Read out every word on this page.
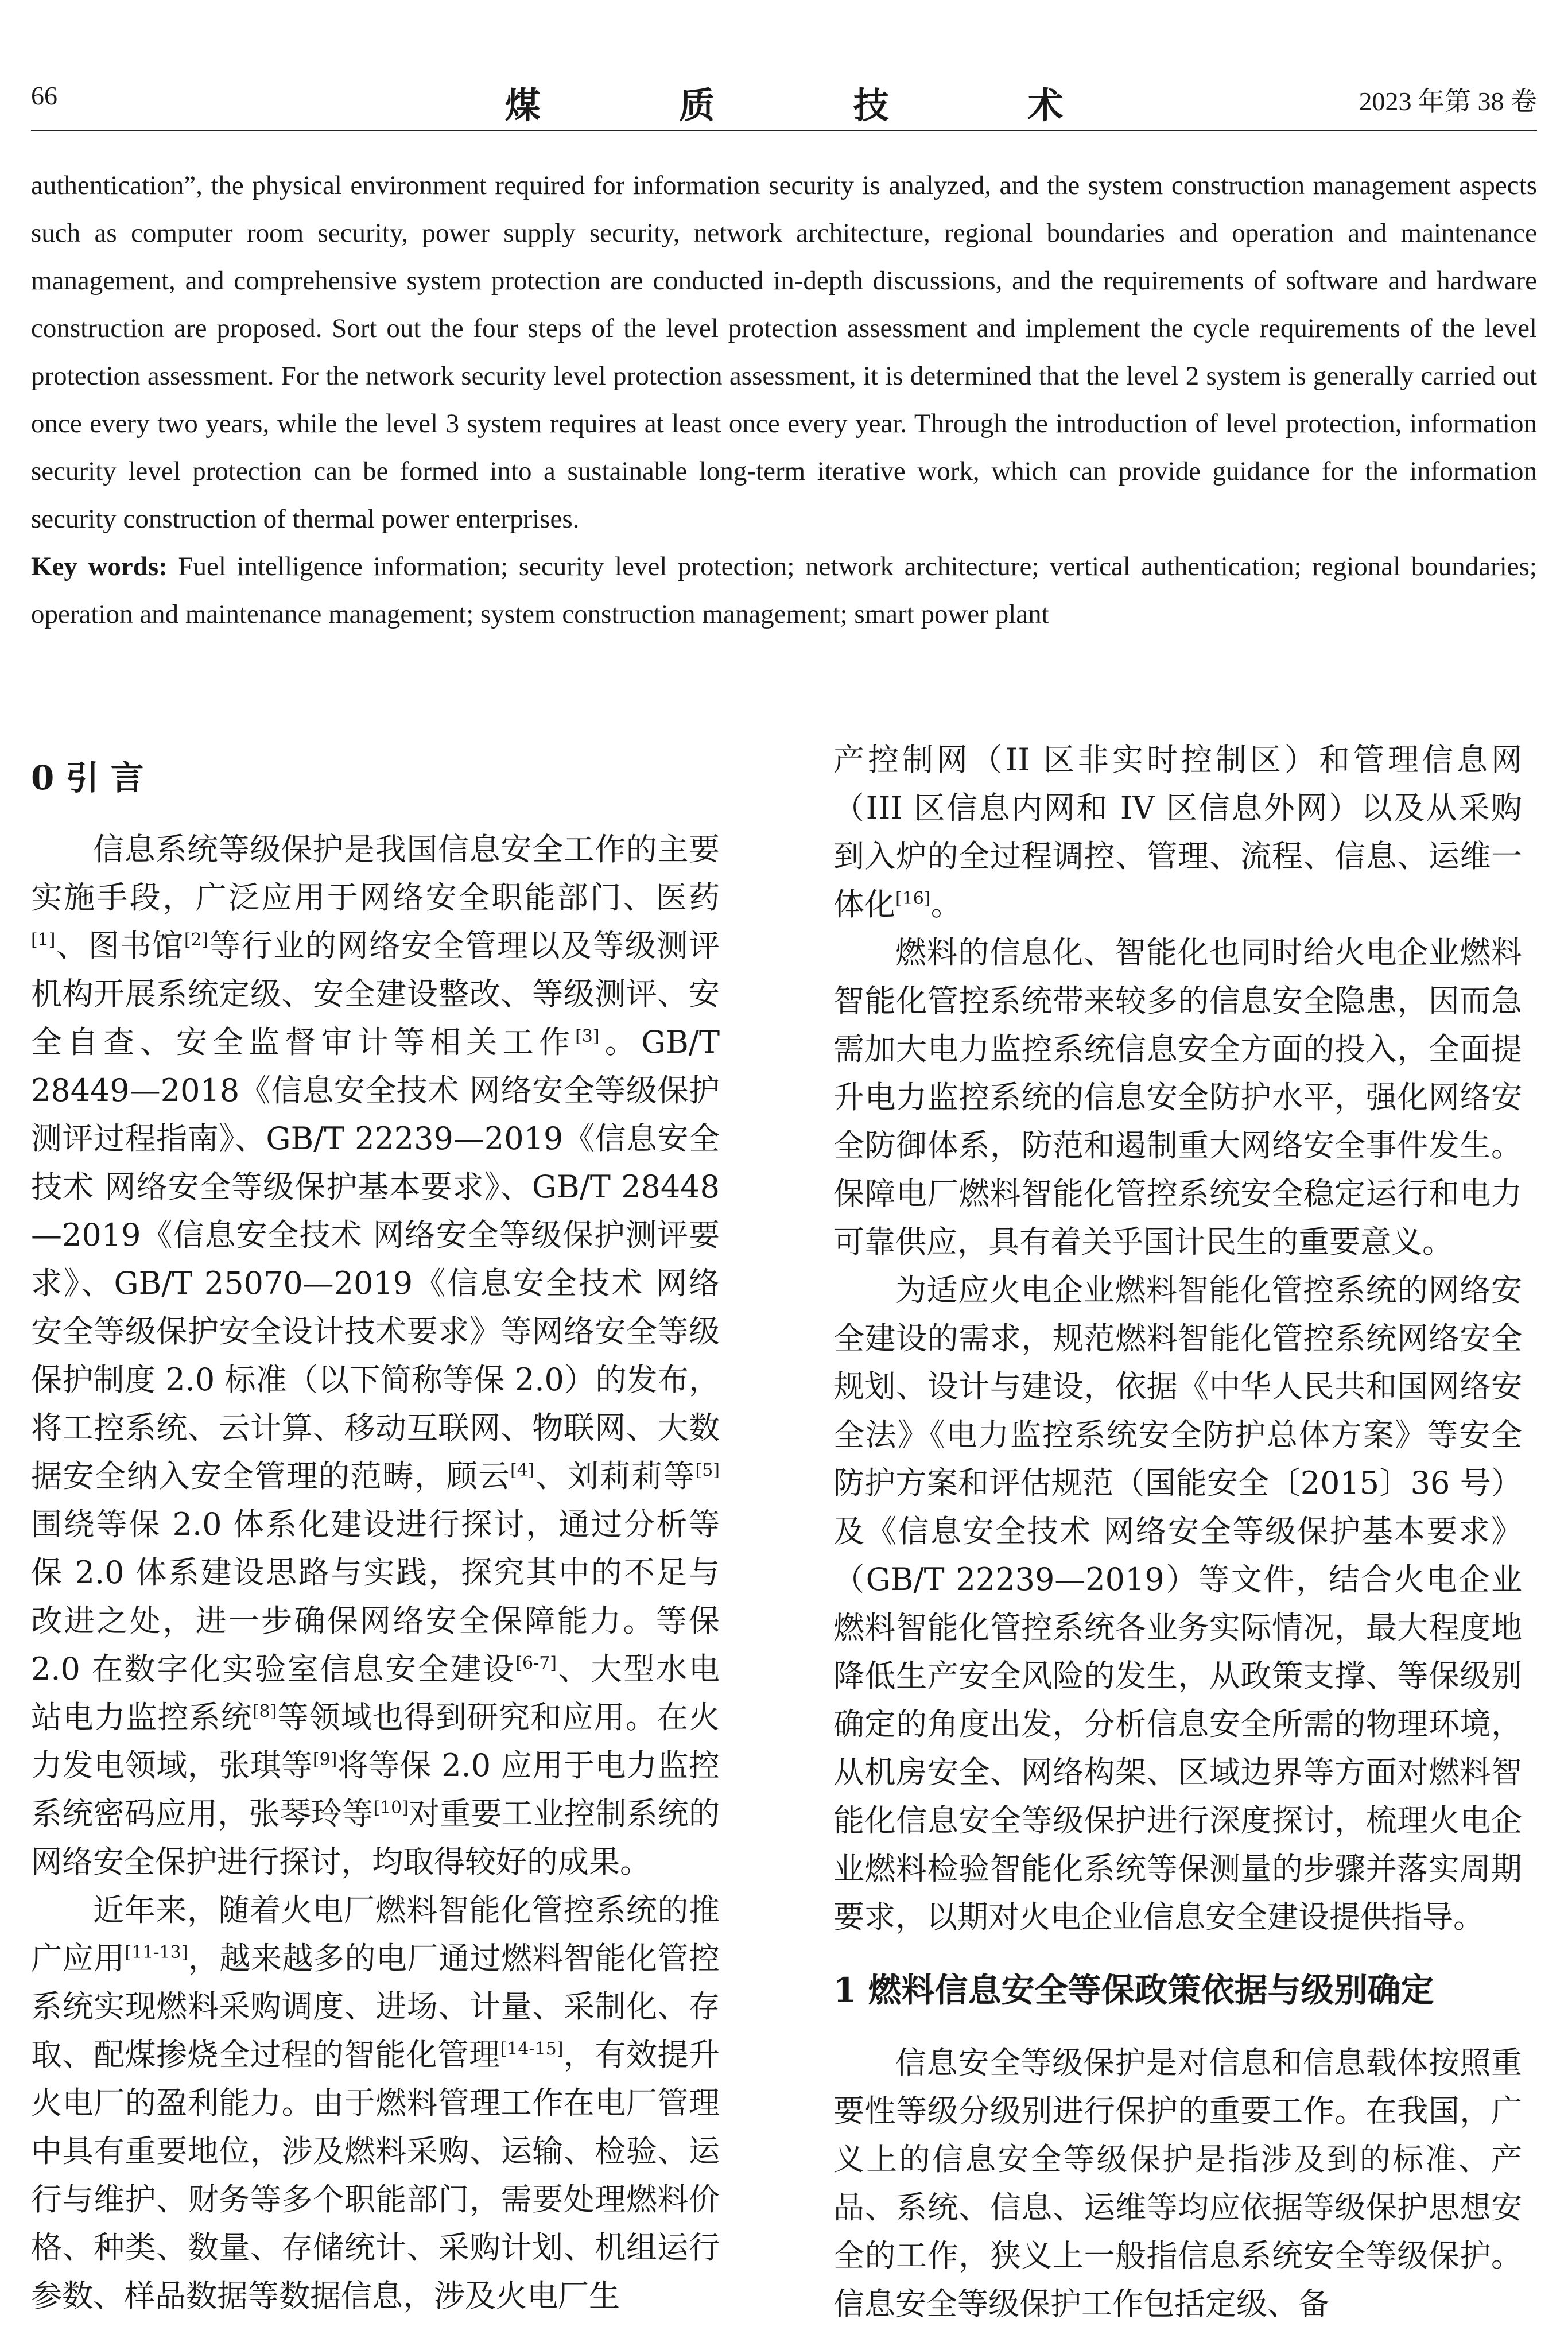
66	煤 质 技 术	2023 年第 38 卷

authentication”, the physical environment required for information security is analyzed, and the system construction management aspects such as computer room security, power supply security, network architecture, regional boundaries and operation and maintenance management, and comprehensive system protection are conducted in-depth discussions, and the requirements of software and hardware construction are proposed. Sort out the four steps of the level protection assessment and implement the cycle requirements of the level protection assessment. For the network security level protection assessment, it is determined that the level 2 system is generally carried out once every two years, while the level 3 system requires at least once every year. Through the introduction of level protection, information security level protection can be formed into a sustainable long-term iterative work, which can provide guidance for the information security construction of thermal power enterprises.

Key words: Fuel intelligence information; security level protection; network architecture; vertical authentication; regional boundaries; operation and maintenance management; system construction management; smart power plant

0 引 言

信息系统等级保护是我国信息安全工作的主要实施手段，广泛应用于网络安全职能部门、医药[1]、图书馆[2]等行业的网络安全管理以及等级测评机构开展系统定级、安全建设整改、等级测评、安全自查、安全监督审计等相关工作[3]。GB/T 28449—2018《信息安全技术 网络安全等级保护测评过程指南》、GB/T 22239—2019《信息安全技术 网络安全等级保护基本要求》、GB/T 28448—2019《信息安全技术 网络安全等级保护测评要求》、GB/T 25070—2019《信息安全技术 网络安全等级保护安全设计技术要求》等网络安全等级保护制度 2.0 标准（以下简称等保 2.0）的发布，将工控系统、云计算、移动互联网、物联网、大数据安全纳入安全管理的范畴，顾云[4]、刘莉莉等[5]围绕等保 2.0 体系化建设进行探讨，通过分析等保 2.0 体系建设思路与实践，探究其中的不足与改进之处，进一步确保网络安全保障能力。等保 2.0 在数字化实验室信息安全建设[6-7]、大型水电站电力监控系统[8]等领域也得到研究和应用。在火力发电领域，张琪等[9]将等保 2.0 应用于电力监控系统密码应用，张琴玲等[10]对重要工业控制系统的网络安全保护进行探讨，均取得较好的成果。

近年来，随着火电厂燃料智能化管控系统的推广应用[11-13]，越来越多的电厂通过燃料智能化管控系统实现燃料采购调度、进场、计量、采制化、存取、配煤掺烧全过程的智能化管理[14-15]，有效提升火电厂的盈利能力。由于燃料管理工作在电厂管理中具有重要地位，涉及燃料采购、运输、检验、运行与维护、财务等多个职能部门，需要处理燃料价格、种类、数量、存储统计、采购计划、机组运行参数、样品数据等数据信息，涉及火电厂生

产控制网（II 区非实时控制区）和管理信息网（III 区信息内网和 IV 区信息外网）以及从采购到入炉的全过程调控、管理、流程、信息、运维一体化[16]。

燃料的信息化、智能化也同时给火电企业燃料智能化管控系统带来较多的信息安全隐患，因而急需加大电力监控系统信息安全方面的投入，全面提升电力监控系统的信息安全防护水平，强化网络安全防御体系，防范和遏制重大网络安全事件发生。保障电厂燃料智能化管控系统安全稳定运行和电力可靠供应，具有着关乎国计民生的重要意义。

为适应火电企业燃料智能化管控系统的网络安全建设的需求，规范燃料智能化管控系统网络安全规划、设计与建设，依据《中华人民共和国网络安全法》《电力监控系统安全防护总体方案》等安全防护方案和评估规范（国能安全〔2015〕36 号）及《信息安全技术 网络安全等级保护基本要求》（GB/T 22239—2019）等文件，结合火电企业燃料智能化管控系统各业务实际情况，最大程度地降低生产安全风险的发生，从政策支撑、等保级别确定的角度出发，分析信息安全所需的物理环境，从机房安全、网络构架、区域边界等方面对燃料智能化信息安全等级保护进行深度探讨，梳理火电企业燃料检验智能化系统等保测量的步骤并落实周期要求，以期对火电企业信息安全建设提供指导。

1 燃料信息安全等保政策依据与级别确定

信息安全等级保护是对信息和信息载体按照重要性等级分级别进行保护的重要工作。在我国，广义上的信息安全等级保护是指涉及到的标准、产品、系统、信息、运维等均应依据等级保护思想安全的工作，狭义上一般指信息系统安全等级保护。信息安全等级保护工作包括定级、备
